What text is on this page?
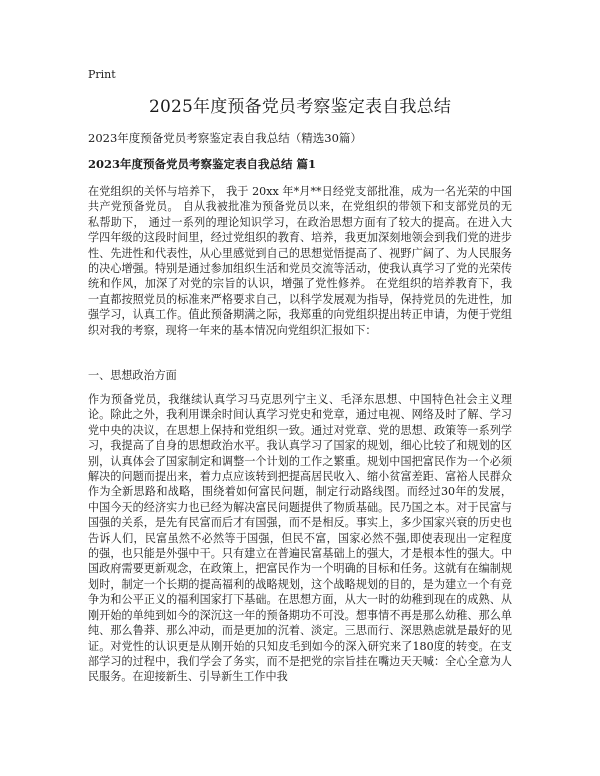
Print
2025年度预备党员考察鉴定表自我总结

2023年度预备党员考察鉴定表自我总结（精选30篇）

2023年度预备党员考察鉴定表自我总结 篇1

在党组织的关怀与培养下， 我于 20xx 年*月**日经党支部批准，成为一名光荣的中国共产党预备党员。 自从我被批准为预备党员以来，在党组织的带领下和支部党员的无私帮助下， 通过一系列的理论知识学习，在政治思想方面有了较大的提高。在进入大学四年级的这段时间里，经过党组织的教育、培养，我更加深刻地领会到我们党的进步性、先进性和代表性，从心里感觉到自己的思想觉悟提高了、视野广阔了、为人民服务的决心增强。特别是通过参加组织生活和党员交流等活动，使我认真学习了党的光荣传统和作风，加深了对党的宗旨的认识，增强了党性修养。 在党组织的培养教育下，我一直都按照党员的标准来严格要求自己，以科学发展观为指导，保持党员的先进性，加强学习，认真工作。值此预备期满之际，我郑重的向党组织提出转正申请，为便于党组织对我的考察，现将一年来的基本情况向党组织汇报如下：

一、思想政治方面

作为预备党员，我继续认真学习马克思列宁主义、毛泽东思想、中国特色社会主义理论。除此之外，我利用课余时间认真学习党史和党章，通过电视、网络及时了解、学习党中央的决议，在思想上保持和党组织一致。通过对党章、党的思想、政策等一系列学习，我提高了自身的思想政治水平。我认真学习了国家的规划，细心比较了和规划的区别，认真体会了国家制定和调整一个计划的工作之繁重。规划中国把富民作为一个必须解决的问题而提出来，着力点应该转到把提高居民收入、缩小贫富差距、富裕人民群众作为全新思路和战略，围绕着如何富民问题，制定行动路线图。而经过30年的发展，中国今天的经济实力也已经为解决富民问题提供了物质基础。民乃国之本。对于民富与国强的关系，是先有民富而后才有国强，而不是相反。事实上，多少国家兴衰的历史也告诉人们，民富虽然不必然等于国强，但民不富，国家必然不强,即使表现出一定程度的强，也只能是外强中干。只有建立在普遍民富基础上的强大，才是根本性的强大。中国政府需要更新观念，在政策上，把富民作为一个明确的目标和任务。这就有在编制规划时，制定一个长期的提高福利的战略规划，这个战略规划的目的，是为建立一个有竞争为和公平正义的福利国家打下基础。在思想方面，从大一时的幼稚到现在的成熟、从刚开始的单纯到如今的深沉这一年的预备期功不可没。想事情不再是那么幼稚、那么单纯、那么鲁莽、那么冲动，而是更加的沉着、淡定。三思而行、深思熟虑就是最好的见证。对党性的认识更是从刚开始的只知皮毛到如今的深入研究来了180度的转变。在支部学习的过程中，我们学会了务实，而不是把党的宗旨挂在嘴边天天喊：全心全意为人民服务。在迎接新生、引导新生工作中我
